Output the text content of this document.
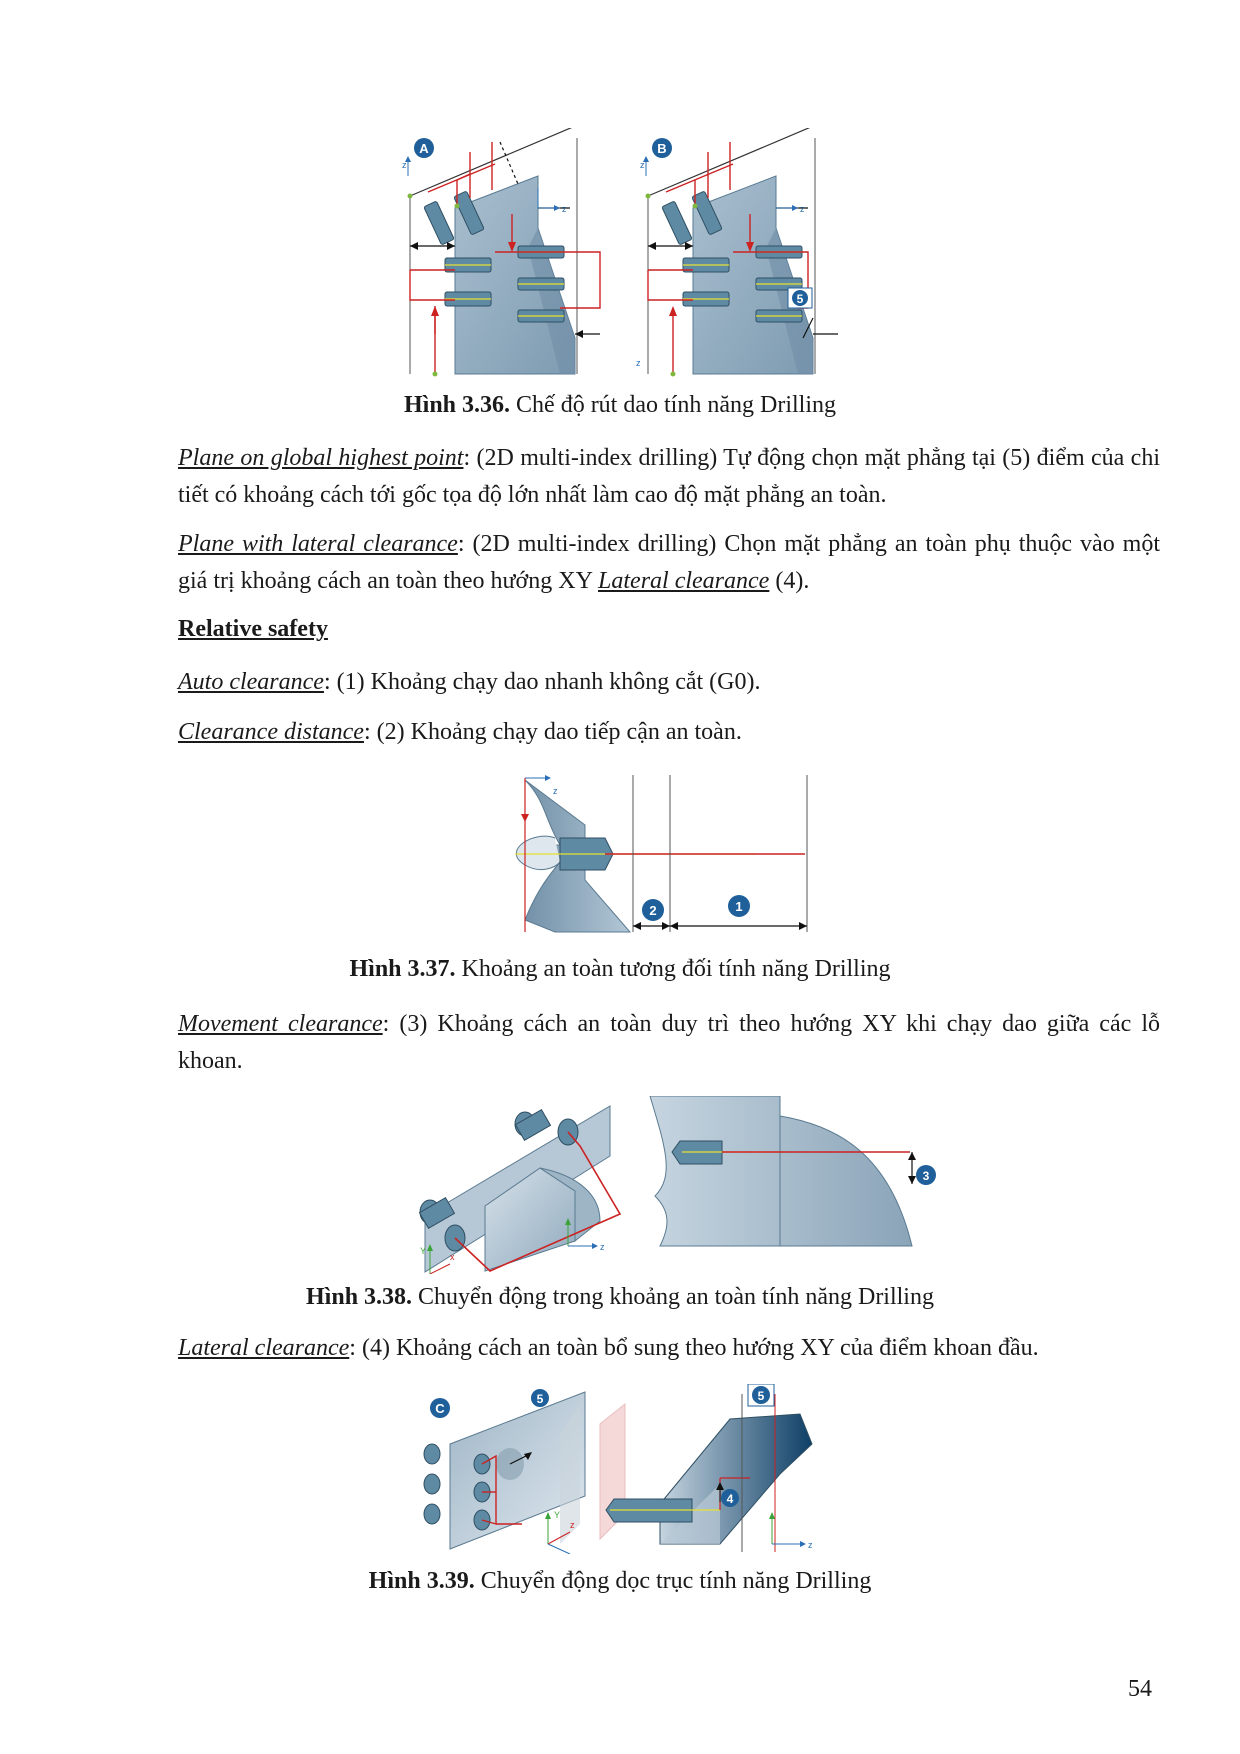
A
z
z
B
5
z
z
z
Hình 3.36. Chế độ rút dao tính năng Drilling
Plane on global highest point: (2D multi-index drilling) Tự động chọn mặt phẳng tại (5) điểm của chi tiết có khoảng cách tới gốc tọa độ lớn nhất làm cao độ mặt phẳng an toàn.
Plane with lateral clearance: (2D multi-index drilling) Chọn mặt phẳng an toàn phụ thuộc vào một giá trị khoảng cách an toàn theo hướng XY Lateral clearance (4).
Relative safety
Auto clearance: (1) Khoảng chạy dao nhanh không cắt (G0).
Clearance distance: (2) Khoảng chạy dao tiếp cận an toàn.
z
2	1
Hình 3.37. Khoảng an toàn tương đối tính năng Drilling
Movement clearance: (3) Khoảng cách an toàn duy trì theo hướng XY khi chạy dao giữa các lỗ khoan.
Y
x
3
z
Hình 3.38. Chuyển động trong khoảng an toàn tính năng Drilling
Lateral clearance: (4) Khoảng cách an toàn bổ sung theo hướng XY của điểm khoan đầu.
C
5
Y
z
4
5
z
Hình 3.39. Chuyển động dọc trục tính năng Drilling
54
